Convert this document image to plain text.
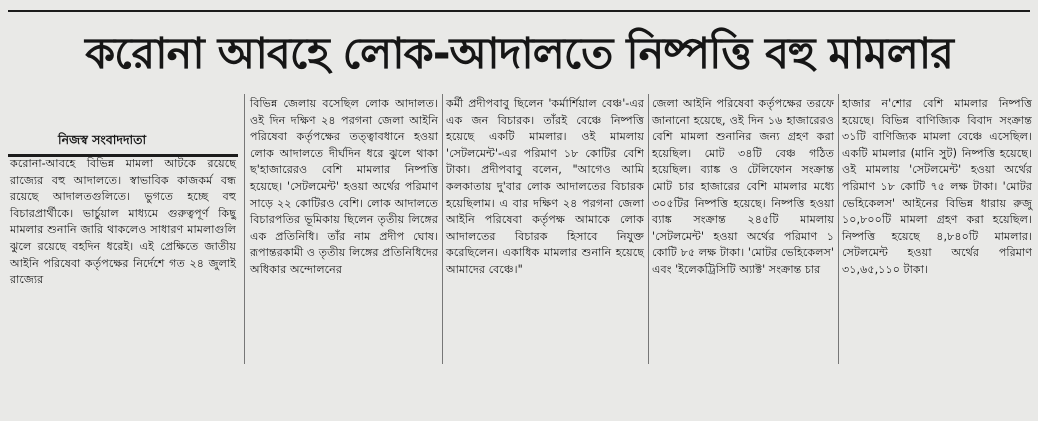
করোনা আবহে লোক-আদালতে নিষ্পত্তি বহু মামলার
নিজস্ব সংবাদদাতা
করোনা-আবহে বিভিন্ন মামলা আটকে রয়েছে রাজ্যের বহু আদালতে। স্বাভাবিক কাজকর্ম বন্ধ রয়েছে আদালতগুলিতে। ভুগতে হচ্ছে বহু বিচারপ্রার্থীকে। ভার্চুয়াল মাধ্যমে গুরুত্বপূর্ণ কিছু মামলার শুনানি জারি থাকলেও সাধারণ মামলাগুলি ঝুলে রয়েছে বহদিন ধরেই। এই প্রেক্ষিতে জাতীয় আইনি পরিষেবা কর্তৃপক্ষের নির্দেশে গত ২৪ জুলাই রাজ্যের
বিভিন্ন জেলায় বসেছিল লোক আদালত। ওই দিন দক্ষিণ ২৪ পরগনা জেলা আইনি পরিষেবা কর্তৃপক্ষের তত্ত্বাবধানে হওয়া লোক আদালতে দীর্ঘদিন ধরে ঝুলে থাকা ছ'হাজারেরও বেশি মামলার নিষ্পত্তি হয়েছে। 'সেটলমেন্ট' হওয়া অর্থের পরিমাণ সাড়ে ২২ কোটিরও বেশি। লোক আদালতে বিচারপতির ভূমিকায় ছিলেন তৃতীয় লিঙ্গের এক প্রতিনিধি। তাঁর নাম প্রদীপ ঘোষ। রূপান্তরকামী ও তৃতীয় লিঙ্গের প্রতিনিধিদের অধিকার অন্দোলনের
কর্মী প্রদীপবাবু ছিলেন 'কর্মার্শিয়াল বেঞ্চ'-এর এক জন বিচারক। তাঁরই বেঞ্চে নিষ্পত্তি হয়েছে একটি মামলার। ওই মামলায় 'সেটলমেন্ট'-এর পরিমাণ ১৮ কোটির বেশি টাকা। প্রদীপবাবু বলেন, "আগেও আমি কলকাতায় দু'বার লোক আদালতের বিচারক হয়েছিলাম। এ বার দক্ষিণ ২৪ পরগনা জেলা আইনি পরিষেবা কর্তৃপক্ষ আমাকে লোক আদালতের বিচারক হিসাবে নিযুক্ত করেছিলেন। একাধিক মামলার শুনানি হয়েছে আমাদের বেঞ্চে।"
জেলা আইনি পরিষেবা কর্তৃপক্ষের তরফে জানানো হয়েছে, ওই দিন ১৬ হাজারেরও বেশি মামলা শুনানির জন্য গ্রহণ করা হয়েছিল। মোট ৩৪টি বেঞ্চ গঠিত হয়েছিল। ব্যাঙ্ক ও টেলিফোন সংক্রান্ত মোট চার হাজারের বেশি মামলার মধ্যে ৩০৫টির নিষ্পত্তি হয়েছে। নিষ্পত্তি হওয়া ব্যাঙ্ক সংক্রান্ত ২৪৫টি মামলায় 'সেটলমেন্ট' হওয়া অর্থের পরিমাণ ১ কোটি ৮৫ লক্ষ টাকা। 'মোটর ভেহিকেলস' এবং 'ইলেকট্রিসিটি অ্যাক্ট' সংক্রান্ত চার
হাজার ন'শোর বেশি মামলার নিষ্পত্তি হয়েছে। বিভিন্ন বাণিজ্যিক বিবাদ সংক্রান্ত ৩১টি বাণিজ্যিক মামলা বেঞ্চে এসেছিল। একটি মামলার (মানি সুট) নিষ্পত্তি হয়েছে। ওই মামলায় 'সেটলমেন্ট' হওয়া অর্থের পরিমাণ ১৮ কোটি ৭৫ লক্ষ টাকা। 'মোটর ভেহিকেলস' আইনের বিভিন্ন ধারায় রুজু ১০,৮০০টি মামলা গ্রহণ করা হয়েছিল। নিষ্পত্তি হয়েছে ৪,৮৪০টি মামলার। সেটলমেন্ট হওয়া অর্থের পরিমাণ ৩১,৬৫,১১০ টাকা।
